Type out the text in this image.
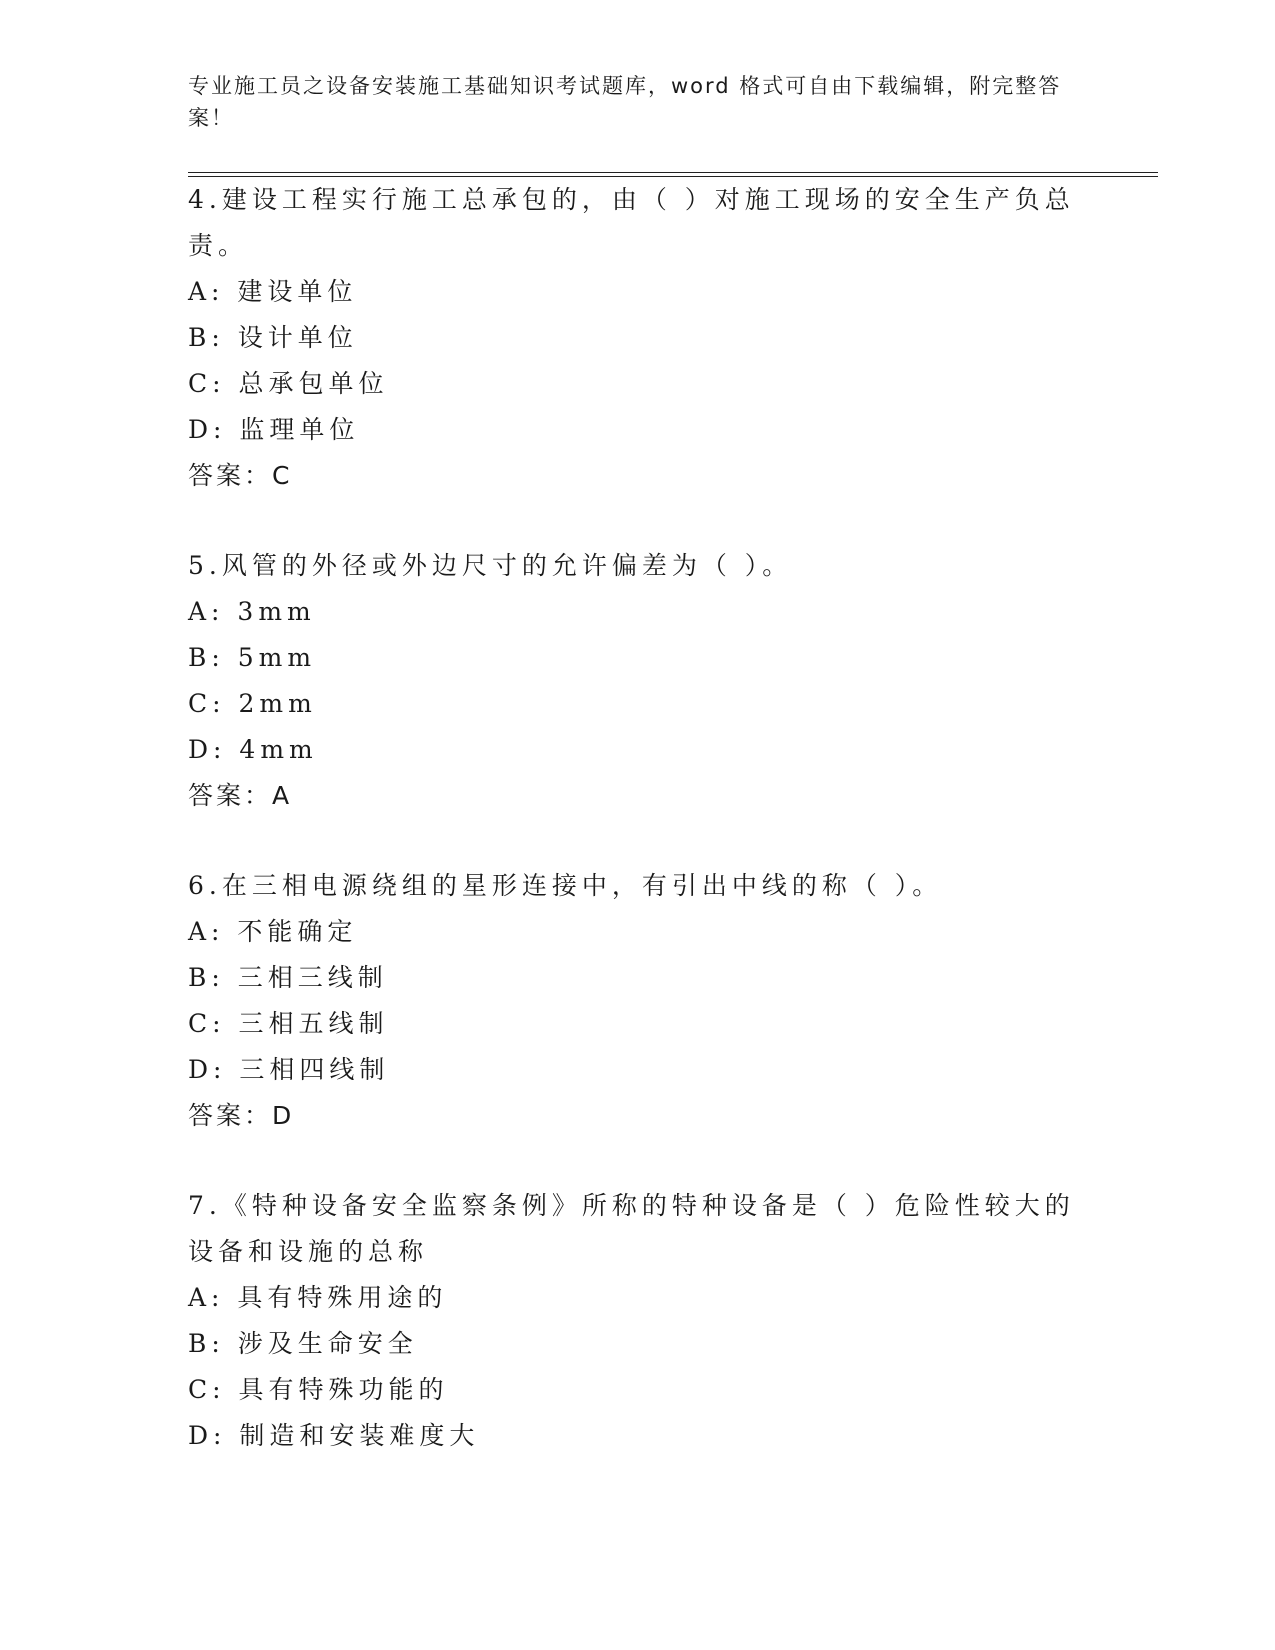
专业施工员之设备安装施工基础知识考试题库，word 格式可自由下载编辑，附完整答案！

4.建设工程实行施工总承包的，由（ ）对施工现场的安全生产负总责。

A: 建设单位

B: 设计单位

C: 总承包单位

D: 监理单位

答案：C

5.风管的外径或外边尺寸的允许偏差为（ ）。

A: 3mm

B: 5mm

C: 2mm

D: 4mm

答案：A

6.在三相电源绕组的星形连接中，有引出中线的称（ ）。

A: 不能确定

B: 三相三线制

C: 三相五线制

D: 三相四线制

答案：D

7.《特种设备安全监察条例》所称的特种设备是（ ）危险性较大的设备和设施的总称

A: 具有特殊用途的

B: 涉及生命安全

C: 具有特殊功能的

D: 制造和安装难度大
